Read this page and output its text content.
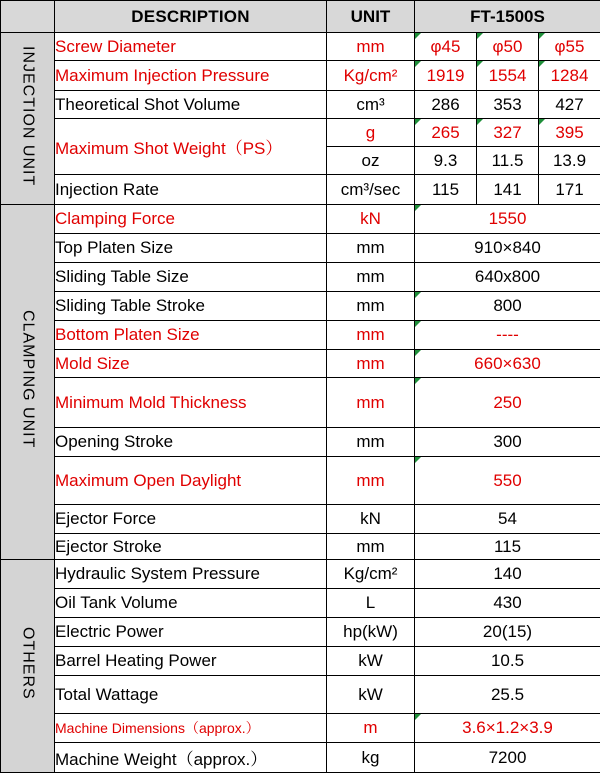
	DESCRIPTION	UNIT	FT-1500S		
INJECTION UNIT	Screw Diameter	mm	φ45	φ50	φ55
	Maximum Injection Pressure	Kg/cm²	1919	1554	1284
	Theoretical Shot Volume	cm³	286	353	427
	Maximum Shot Weight（PS）	g	265	327	395
		oz	9.3	11.5	13.9
	Injection Rate	cm³/sec	115	141	171
CLAMPING UNIT	Clamping Force	kN	1550		
	Top Platen Size	mm	910×840		
	Sliding Table Size	mm	640x800		
	Sliding Table Stroke	mm	800		
	Bottom Platen Size	mm	----		
	Mold Size	mm	660×630		
	Minimum Mold Thickness	mm	250		
	Opening Stroke	mm	300		
	Maximum Open Daylight	mm	550		
	Ejector Force	kN	54		
	Ejector Stroke	mm	115		
OTHERS	Hydraulic System Pressure	Kg/cm²	140		
	Oil Tank Volume	L	430		
	Electric Power	hp(kW)	20(15)		
	Barrel Heating Power	kW	10.5		
	Total Wattage	kW	25.5		
	Machine Dimensions（approx.）	m	3.6×1.2×3.9		
	Machine Weight（approx.）	kg	7200		
